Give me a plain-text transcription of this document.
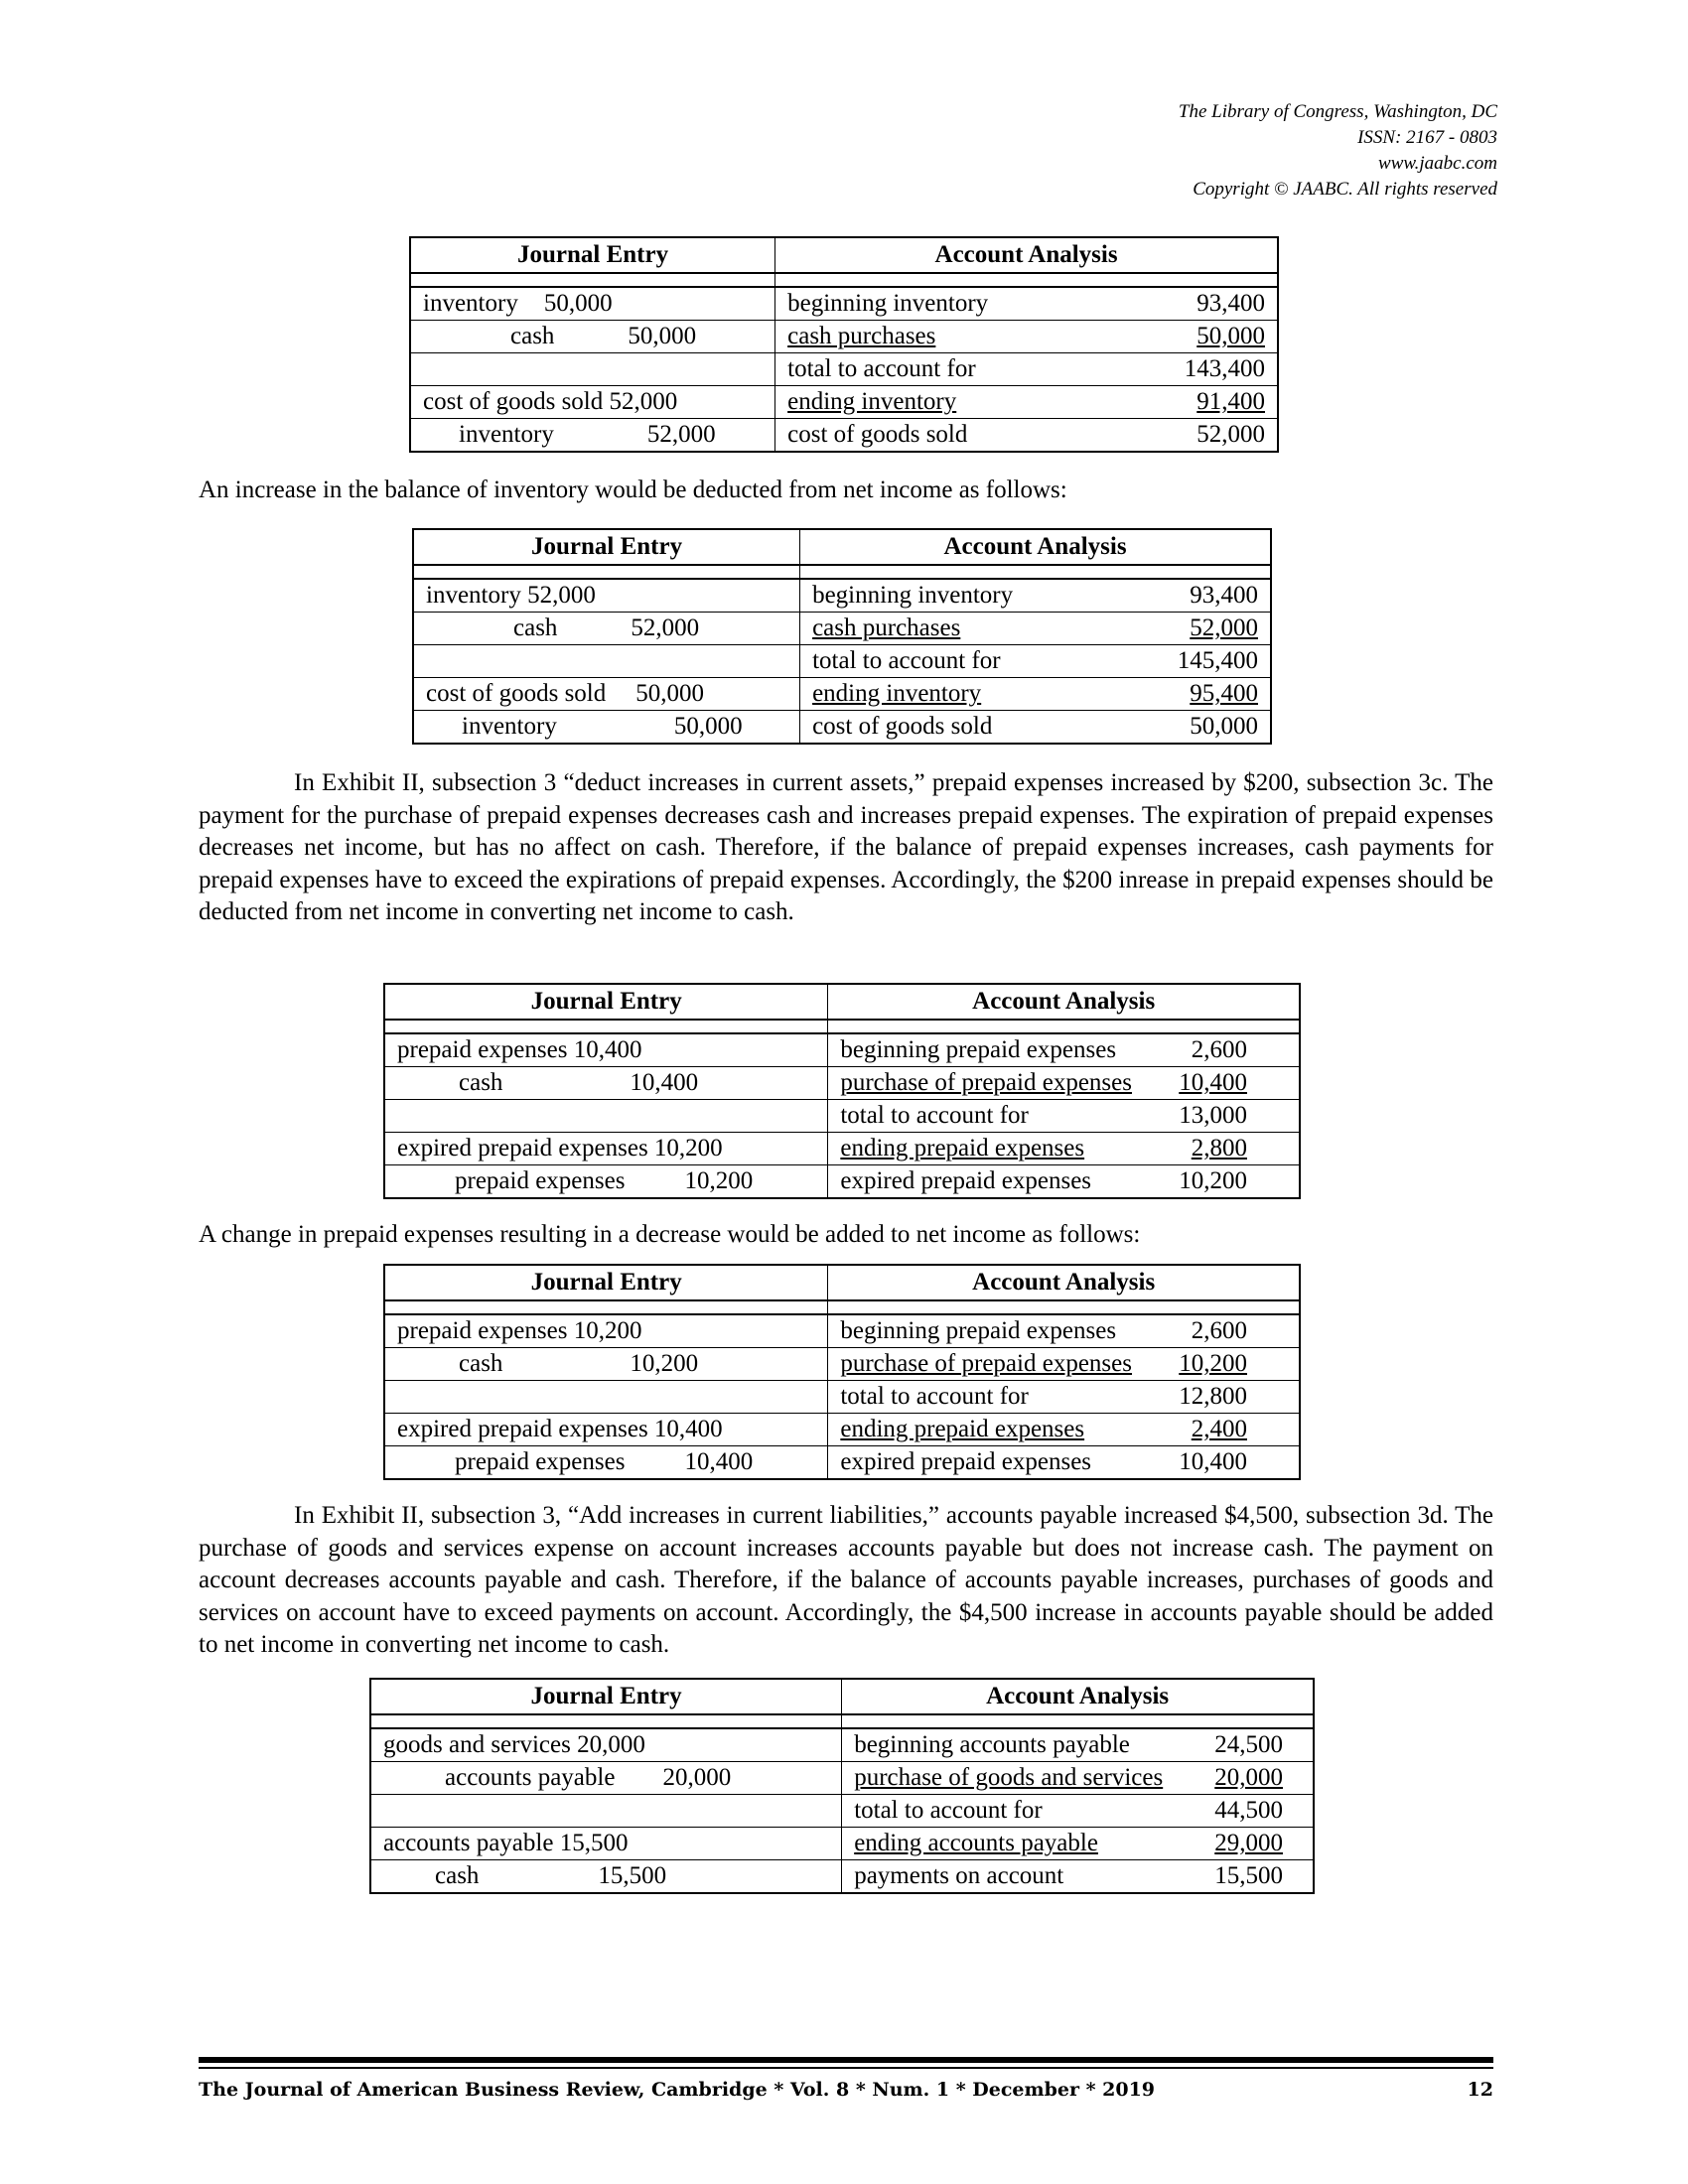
The Library of Congress, Washington, DC
ISSN: 2167 - 0803
www.jaabc.com
Copyright © JAABC. All rights reserved
Journal Entry	Account Analysis

inventory 50,000	beginning inventory 93,400

cash 50,000	cash purchases 50,000

	total to account for 143,400

cost of goods sold 52,000	ending inventory 91,400

inventory 52,000	cost of goods sold 52,000
An increase in the balance of inventory would be deducted from net income as follows:
Journal Entry	Account Analysis

inventory 52,000	beginning inventory 93,400

cash 52,000	cash purchases 52,000

	total to account for 145,400

cost of goods sold 50,000	ending inventory 95,400

inventory 50,000	cost of goods sold 50,000
In Exhibit II, subsection 3 “deduct increases in current assets,” prepaid expenses increased by $200, subsection 3c. The payment for the purchase of prepaid expenses decreases cash and increases prepaid expenses. The expiration of prepaid expenses decreases net income, but has no affect on cash. Therefore, if the balance of prepaid expenses increases, cash payments for prepaid expenses have to exceed the expirations of prepaid expenses. Accordingly, the $200 inrease in prepaid expenses should be deducted from net income in converting net income to cash.
Journal Entry	Account Analysis

prepaid expenses 10,400	beginning prepaid expenses 2,600

cash 10,400	purchase of prepaid expenses 10,400

	total to account for 13,000

expired prepaid expenses 10,200	ending prepaid expenses 2,800

prepaid expenses 10,200	expired prepaid expenses 10,200
A change in prepaid expenses resulting in a decrease would be added to net income as follows:
Journal Entry	Account Analysis

prepaid expenses 10,200	beginning prepaid expenses 2,600

cash 10,200	purchase of prepaid expenses 10,200

	total to account for 12,800

expired prepaid expenses 10,400	ending prepaid expenses 2,400

prepaid expenses 10,400	expired prepaid expenses 10,400
In Exhibit II, subsection 3, “Add increases in current liabilities,” accounts payable increased $4,500, subsection 3d. The purchase of goods and services expense on account increases accounts payable but does not increase cash. The payment on account decreases accounts payable and cash. Therefore, if the balance of accounts payable increases, purchases of goods and services on account have to exceed payments on account. Accordingly, the $4,500 increase in accounts payable should be added to net income in converting net income to cash.
Journal Entry	Account Analysis

goods and services 20,000	beginning accounts payable 24,500

accounts payable 20,000	purchase of goods and services 20,000

	total to account for 44,500

accounts payable 15,500	ending accounts payable 29,000

cash 15,500	payments on account 15,500
The Journal of American Business Review, Cambridge * Vol. 8 * Num. 1 * December * 2019	12
